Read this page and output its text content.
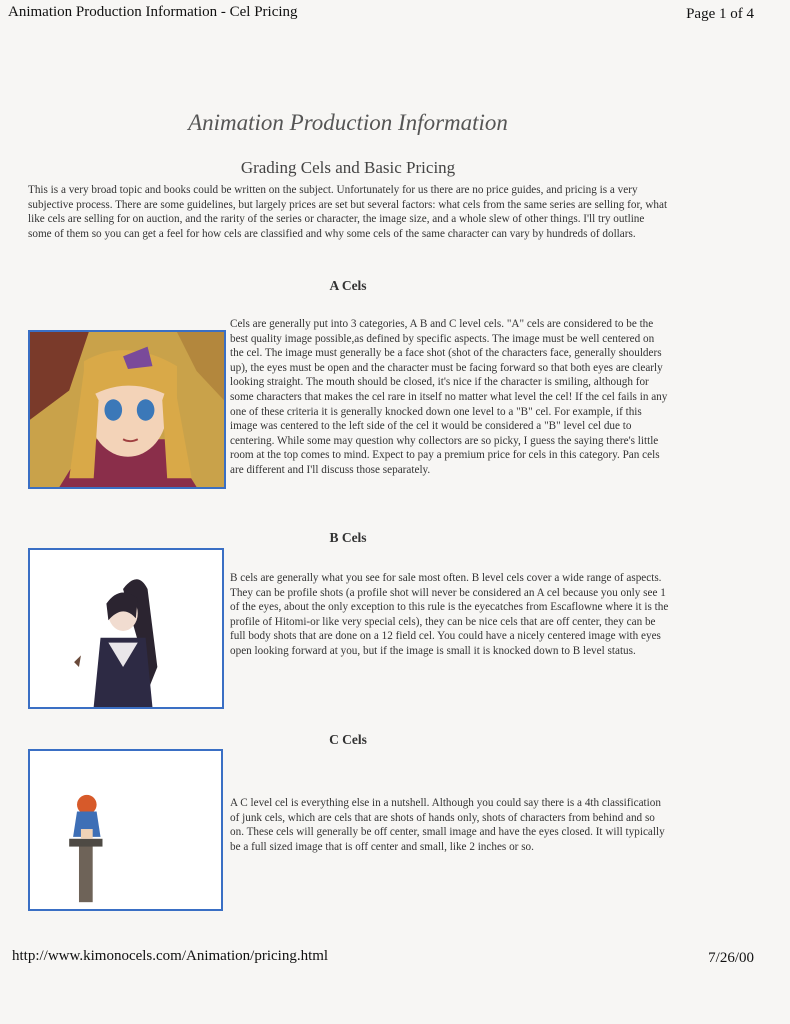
Animation Production Information - Cel Pricing	Page 1 of 4
Animation Production Information
Grading Cels and Basic Pricing

This is a very broad topic and books could be written on the subject. Unfortunately for us there are no price guides, and pricing is a very subjective process. There are some guidelines, but largely prices are set but several factors: what cels from the same series are selling for, what like cels are selling for on auction, and the rarity of the series or character, the image size, and a whole slew of other things. I'll try outline some of them so you can get a feel for how cels are classified and why some cels of the same character can vary by hundreds of dollars.

A Cels

Cels are generally put into 3 categories, A B and C level cels. "A" cels are considered to be the best quality image possible,as defined by specific aspects. The image must be well centered on the cel. The image must generally be a face shot (shot of the characters face, generally shoulders up), the eyes must be open and the character must be facing forward so that both eyes are clearly looking straight. The mouth should be closed, it's nice if the character is smiling, although for some characters that makes the cel rare in itself no matter what level the cel! If the cel fails in any one of these criteria it is generally knocked down one level to a "B" cel. For example, if this image was centered to the left side of the cel it would be considered a "B" level cel due to centering. While some may question why collectors are so picky, I guess the saying there's little room at the top comes to mind. Expect to pay a premium price for cels in this category. Pan cels are different and I'll discuss those separately.

B Cels

B cels are generally what you see for sale most often. B level cels cover a wide range of aspects. They can be profile shots (a profile shot will never be considered an A cel because you only see 1 of the eyes, about the only exception to this rule is the eyecatches from Escaflowne where it is the profile of Hitomi-or like very special cels), they can be nice cels that are off center, they can be full body shots that are done on a 12 field cel. You could have a nicely centered image with eyes open looking forward at you, but if the image is small it is knocked down to B level status.

C Cels

A C level cel is everything else in a nutshell. Although you could say there is a 4th classification of junk cels, which are cels that are shots of hands only, shots of characters from behind and so on. These cels will generally be off center, small image and have the eyes closed. It will typically be a full sized image that is off center and small, like 2 inches or so.

http://www.kimonocels.com/Animation/pricing.html	7/26/00
